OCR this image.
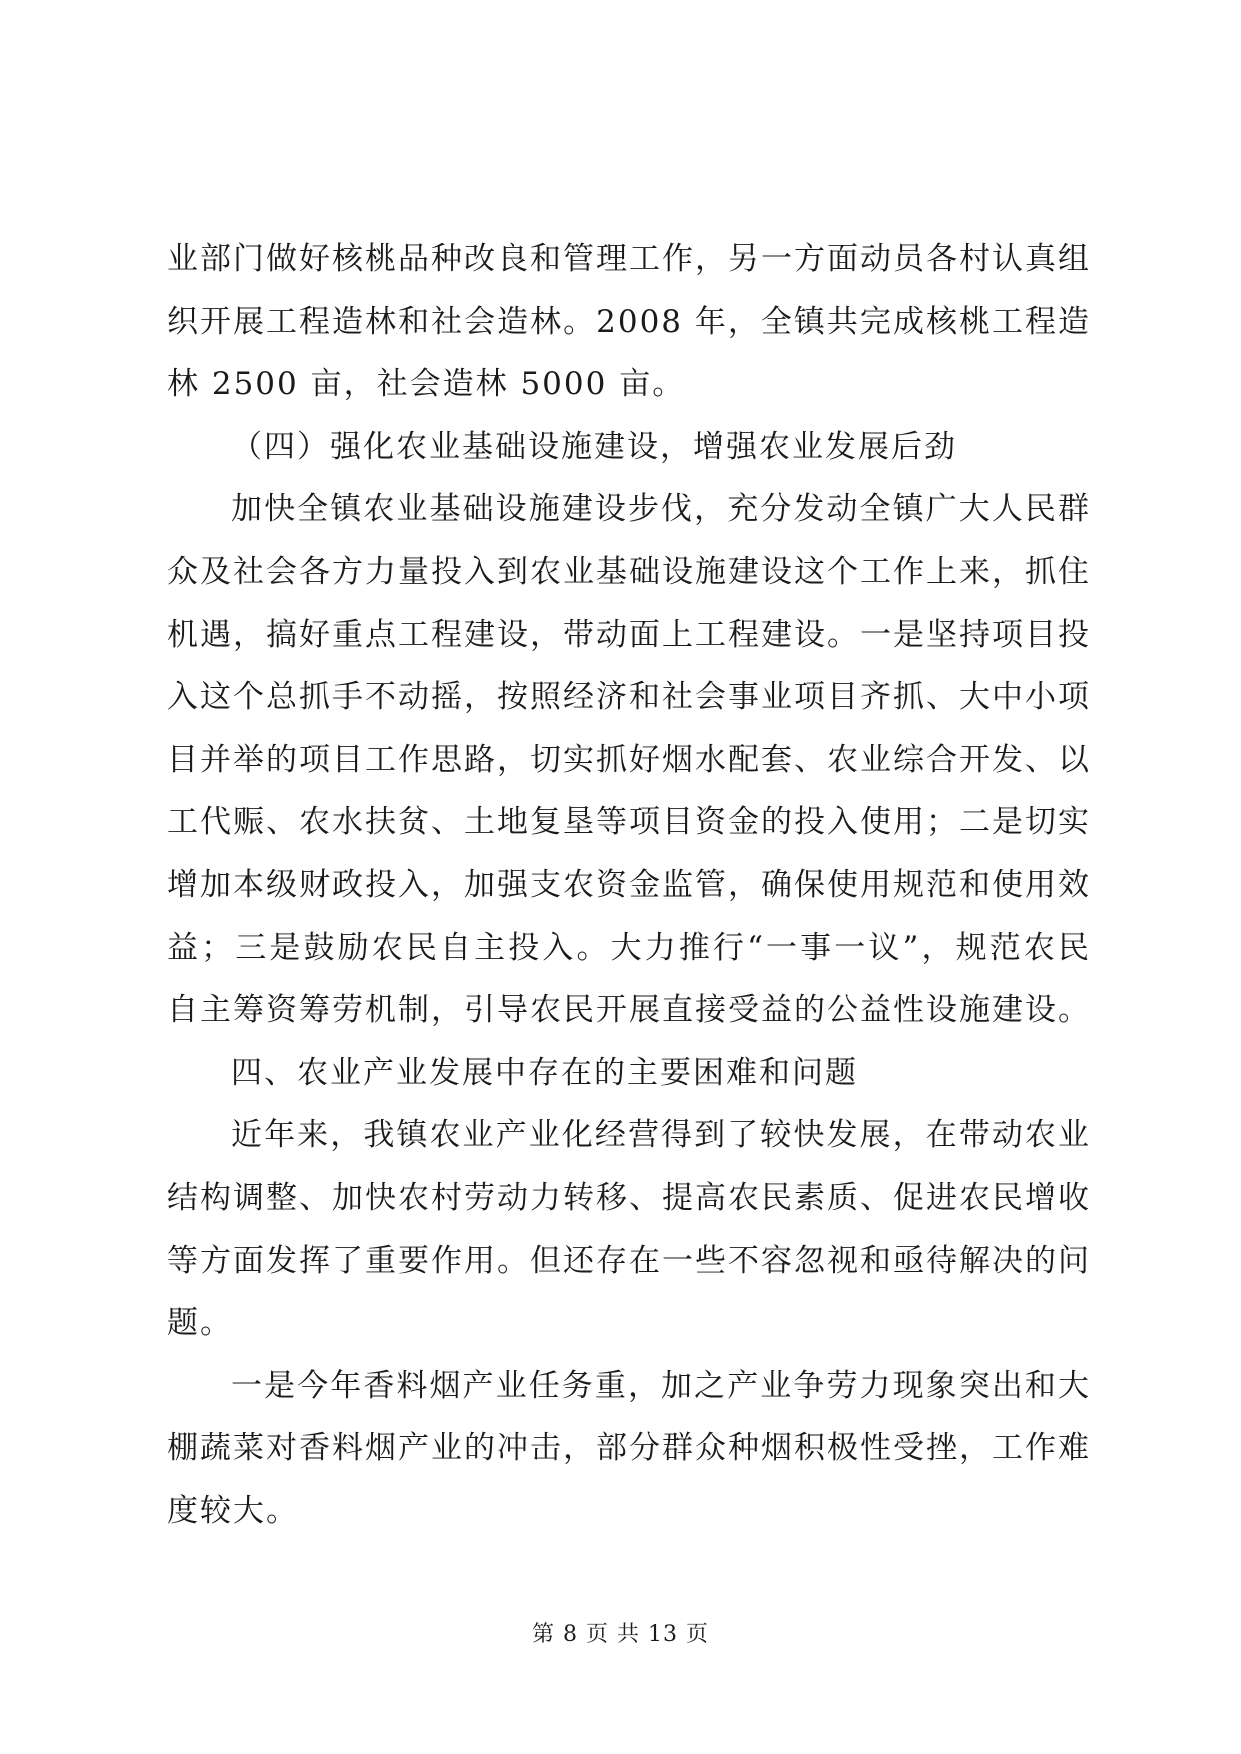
业部门做好核桃品种改良和管理工作，另一方面动员各村认真组织开展工程造林和社会造林。2008 年，全镇共完成核桃工程造林 2500 亩，社会造林 5000 亩。

（四）强化农业基础设施建设，增强农业发展后劲

加快全镇农业基础设施建设步伐，充分发动全镇广大人民群众及社会各方力量投入到农业基础设施建设这个工作上来，抓住机遇，搞好重点工程建设，带动面上工程建设。一是坚持项目投入这个总抓手不动摇，按照经济和社会事业项目齐抓、大中小项目并举的项目工作思路，切实抓好烟水配套、农业综合开发、以工代赈、农水扶贫、土地复垦等项目资金的投入使用；二是切实增加本级财政投入，加强支农资金监管，确保使用规范和使用效益；三是鼓励农民自主投入。大力推行“一事一议”，规范农民自主筹资筹劳机制，引导农民开展直接受益的公益性设施建设。

四、农业产业发展中存在的主要困难和问题

近年来，我镇农业产业化经营得到了较快发展，在带动农业结构调整、加快农村劳动力转移、提高农民素质、促进农民增收等方面发挥了重要作用。但还存在一些不容忽视和亟待解决的问题。

一是今年香料烟产业任务重，加之产业争劳力现象突出和大棚蔬菜对香料烟产业的冲击，部分群众种烟积极性受挫，工作难度较大。

第 8 页 共 13 页
